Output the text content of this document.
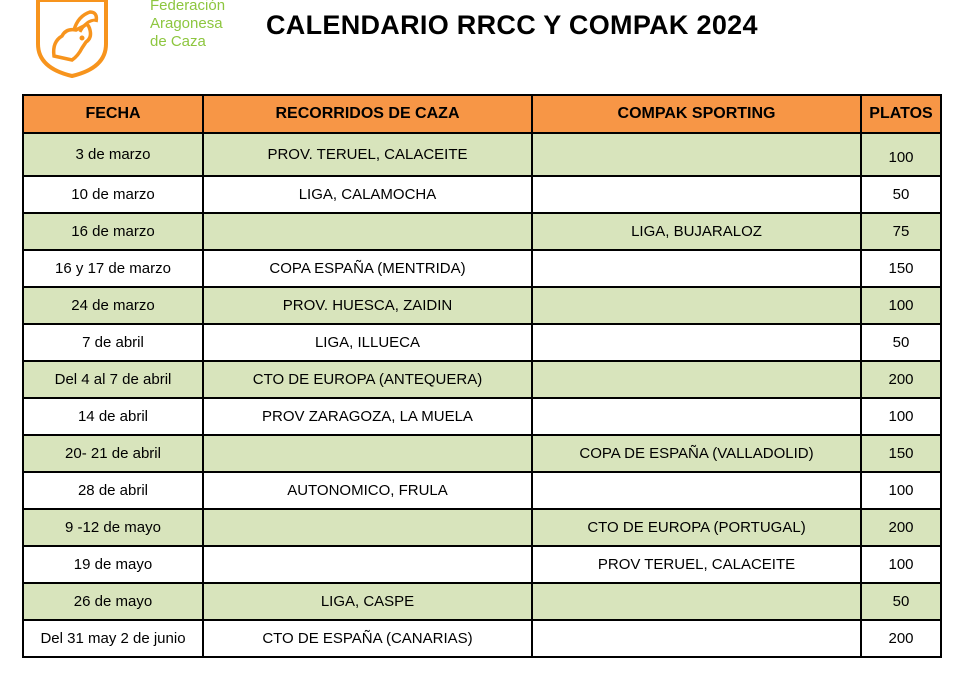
Federación
Aragonesa
de Caza
CALENDARIO RRCC Y COMPAK 2024
FECHA	RECORRIDOS DE CAZA	COMPAK SPORTING	PLATOS
3 de marzo	PROV. TERUEL, CALACEITE		100
10 de marzo	LIGA, CALAMOCHA		50
16 de marzo		LIGA, BUJARALOZ	75
16 y 17 de marzo	COPA ESPAÑA (MENTRIDA)		150
24 de marzo	PROV. HUESCA, ZAIDIN		100
7 de abril	LIGA, ILLUECA		50
Del 4 al 7 de abril	CTO DE EUROPA (ANTEQUERA)		200
14 de abril	PROV ZARAGOZA, LA MUELA		100
20- 21 de abril		COPA DE ESPAÑA (VALLADOLID)	150
28 de abril	AUTONOMICO, FRULA		100
9 -12 de mayo		CTO DE EUROPA (PORTUGAL)	200
19 de mayo		PROV TERUEL, CALACEITE	100
26 de mayo	LIGA, CASPE		50
Del 31 may 2 de junio	CTO DE ESPAÑA (CANARIAS)		200
